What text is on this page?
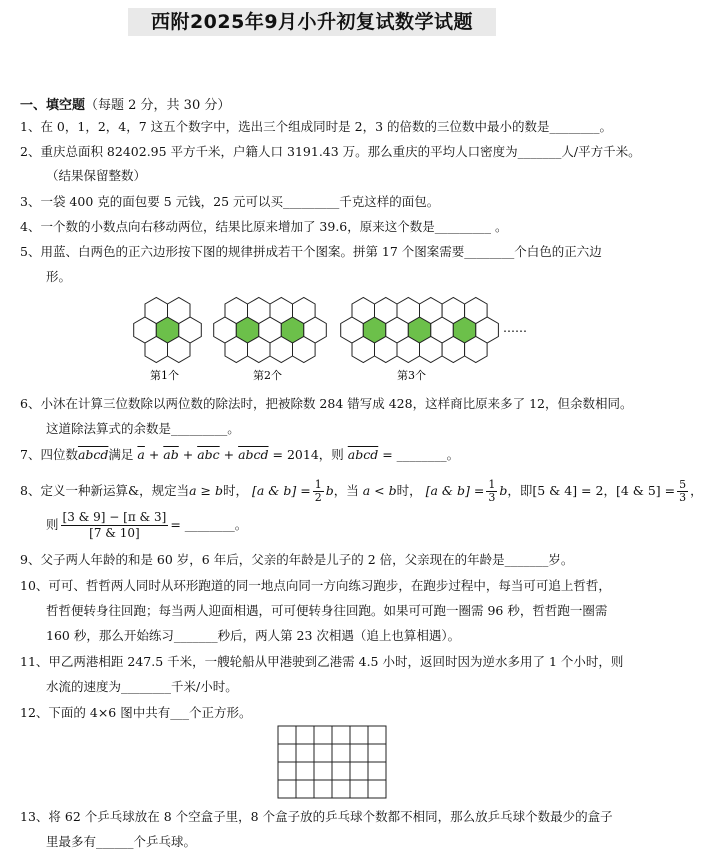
西附2025年9月小升初复试数学试题
一、填空题（每题 2 分，共 30 分）
1、在 0，1，2，4，7 这五个数字中，选出三个组成同时是 2，3 的倍数的三位数中最小的数是________。
2、重庆总面积 82402.95 平方千米，户籍人口 3191.43 万。那么重庆的平均人口密度为_______人/平方千米。
（结果保留整数）
3、一袋 400 克的面包要 5 元钱，25 元可以买_________千克这样的面包。
4、一个数的小数点向右移动两位，结果比原来增加了 39.6，原来这个数是_________ 。
5、用蓝、白两色的正六边形按下图的规律拼成若干个图案。拼第 17 个图案需要________个白色的正六边
形。
第1个	第2个	第3个
……
6、小沐在计算三位数除以两位数的除法时，把被除数 284 错写成 428，这样商比原来多了 12，但余数相同。
这道除法算式的余数是_________。
7、四位数abcd满足 $\overline{a} + \overline{ab} + \overline{abc}$ + abcd = 2014，则 abcd = ________。
8、定义一种新运算&，规定当a ≥ b时， [a & $b] = \frac{1}{2}$ b，当 a < b时， [a & $b] = \frac{1}{3}$ b，即[5 & 4] = 2，[4 & $5] = \frac{5}{3}$ ，
则 $\frac{[3 \& 9] - [\pi \& 3]}{[7 \& 10]}$ = ________。
9、父子两人年龄的和是 60 岁，6 年后，父亲的年龄是儿子的 2 倍，父亲现在的年龄是_______岁。
10、可可、哲哲两人同时从环形跑道的同一地点向同一方向练习跑步，在跑步过程中，每当可可追上哲哲，
哲哲便转身往回跑；每当两人迎面相遇，可可便转身往回跑。如果可可跑一圈需 96 秒，哲哲跑一圈需
160 秒，那么开始练习_______秒后，两人第 23 次相遇（追上也算相遇）。
11、甲乙两港相距 247.5 千米，一艘轮船从甲港驶到乙港需 4.5 小时，返回时因为逆水多用了 1 个小时，则
水流的速度为________千米/小时。
12、下面的 4×6 图中共有___个正方形。
13、将 62 个乒乓球放在 8 个空盒子里，8 个盒子放的乒乓球个数都不相同，那么放乒乓球个数最少的盒子
里最多有______个乒乓球。
